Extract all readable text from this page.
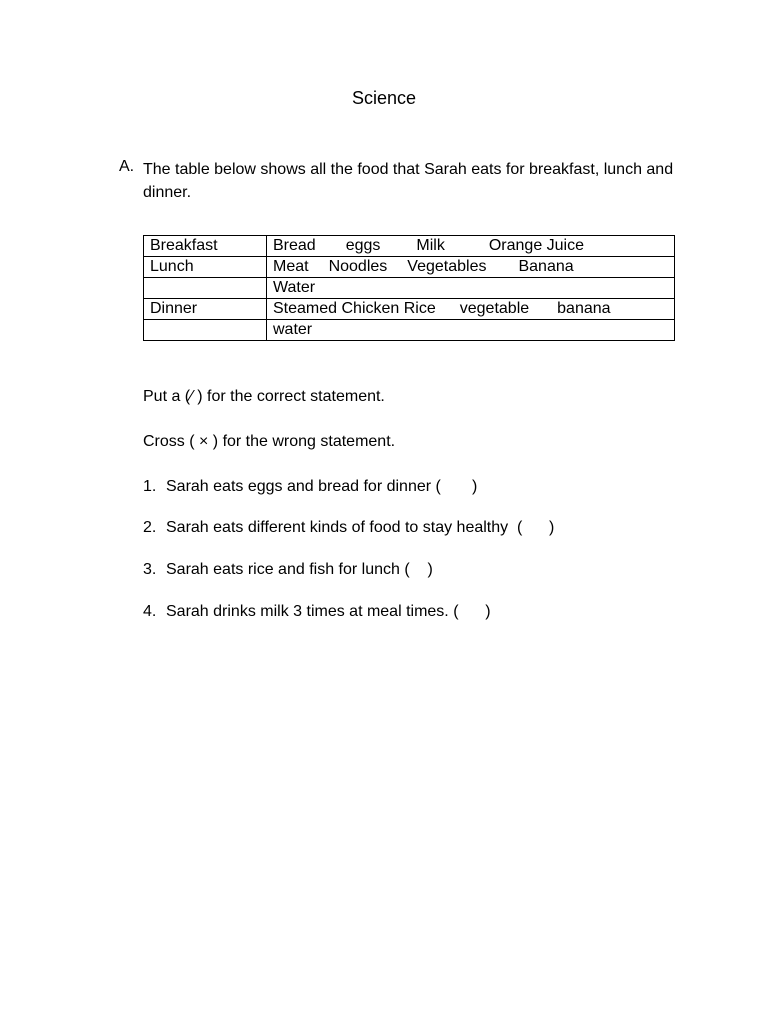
Science
A. The table below shows all the food that Sarah eats for breakfast, lunch and dinner.
Breakfast	Bread eggs Milk Orange Juice
Lunch	Meat Noodles Vegetables Banana
	Water
Dinner	Steamed Chicken Rice vegetable banana
	water
Put a (⁄ ) for the correct statement.
Cross ( × ) for the wrong statement.
1. Sarah eats eggs and bread for dinner (       )
2. Sarah eats different kinds of food to stay healthy  (      )
3. Sarah eats rice and fish for lunch (    )
4. Sarah drinks milk 3 times at meal times. (      )
